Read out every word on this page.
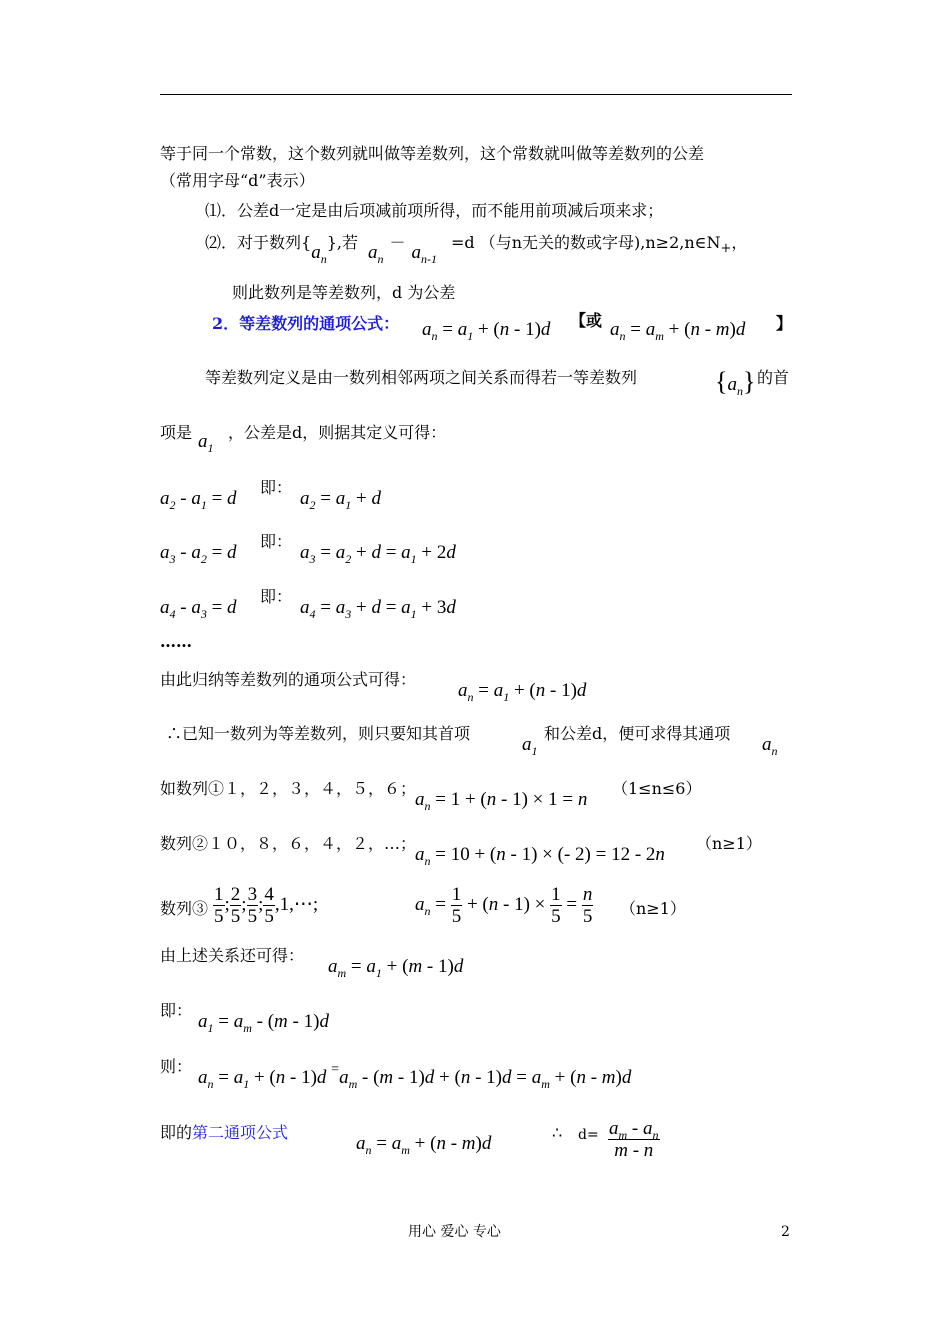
等于同一个常数，这个数列就叫做等差数列，这个常数就叫做等差数列的公差
（常用字母“d”表示）
⑴．公差d一定是由后项减前项所得，而不能用前项减后项来求；
⑵．对于数列$\{a_n\}$,若 $a_n- a_{n-1}=d$ （与n无关的数或字母)$,n\ge 2,n\in N_+$，
则此数列是等差数列，d 为公差
2．等差数列的通项公式： $a_n = a_1 + (n - 1)d$ 【或 $a_n = a_m + (n - m)d$ 】
等差数列定义是由一数列相邻两项之间关系而得若一等差数列	$\{a_n\}$ 的首
项是 $a_1$
，公差是d，则据其定义可得：
$a_2 - a_1 = d$
即：
$a_2 = a_1 + d$
$a_3 - a_2 = d$
即：
$a_3 = a_2 + d = a_1 + 2d$
$a_4 - a_3 = d$
即：
$a_4 = a_3 + d = a_1 + 3d$
……
由此归纳等差数列的通项公式可得：
$a_n = a_1 + (n - 1)d$
∴已知一数列为等差数列，则只要知其首项
$a_1$
和公差d，便可求得其通项
$a_n$
如数列①１，２，３，４，５，６；
$a_n = 1 + (n - 1) \times 1 = n$
（1≤n≤6）
数列②１０，８，６，４，２，…；
$a_n = 10 + (n - 1)$ × (- 2) = 12 - 2n
（n≥1）
数列③ $\frac{1}{5}$ ; $\frac{2}{5}$ ; $\frac{3}{5}$ ; $\frac{4}{5}$ ,1,⋯;	$a_n = \frac{1}{5} + (n - 1) \times \frac{1}{5} = \frac{n}{5} (n\ge 1)$
由上述关系还可得：
$a_m = a_1 + (m - 1)d$
即：
$a_1 = a_m - (m - 1)d$
则：
$a_n = a_1 + (n - 1)d$ $^=a_m - (m - 1)d + (n - 1)d = a_m + (n - m)d$
即的第二通项公式
$a_n = a_m + (n - m)d$
∴ $d= \frac{a_m - a_n}{m - n}$
用心 爱心 专心	2
